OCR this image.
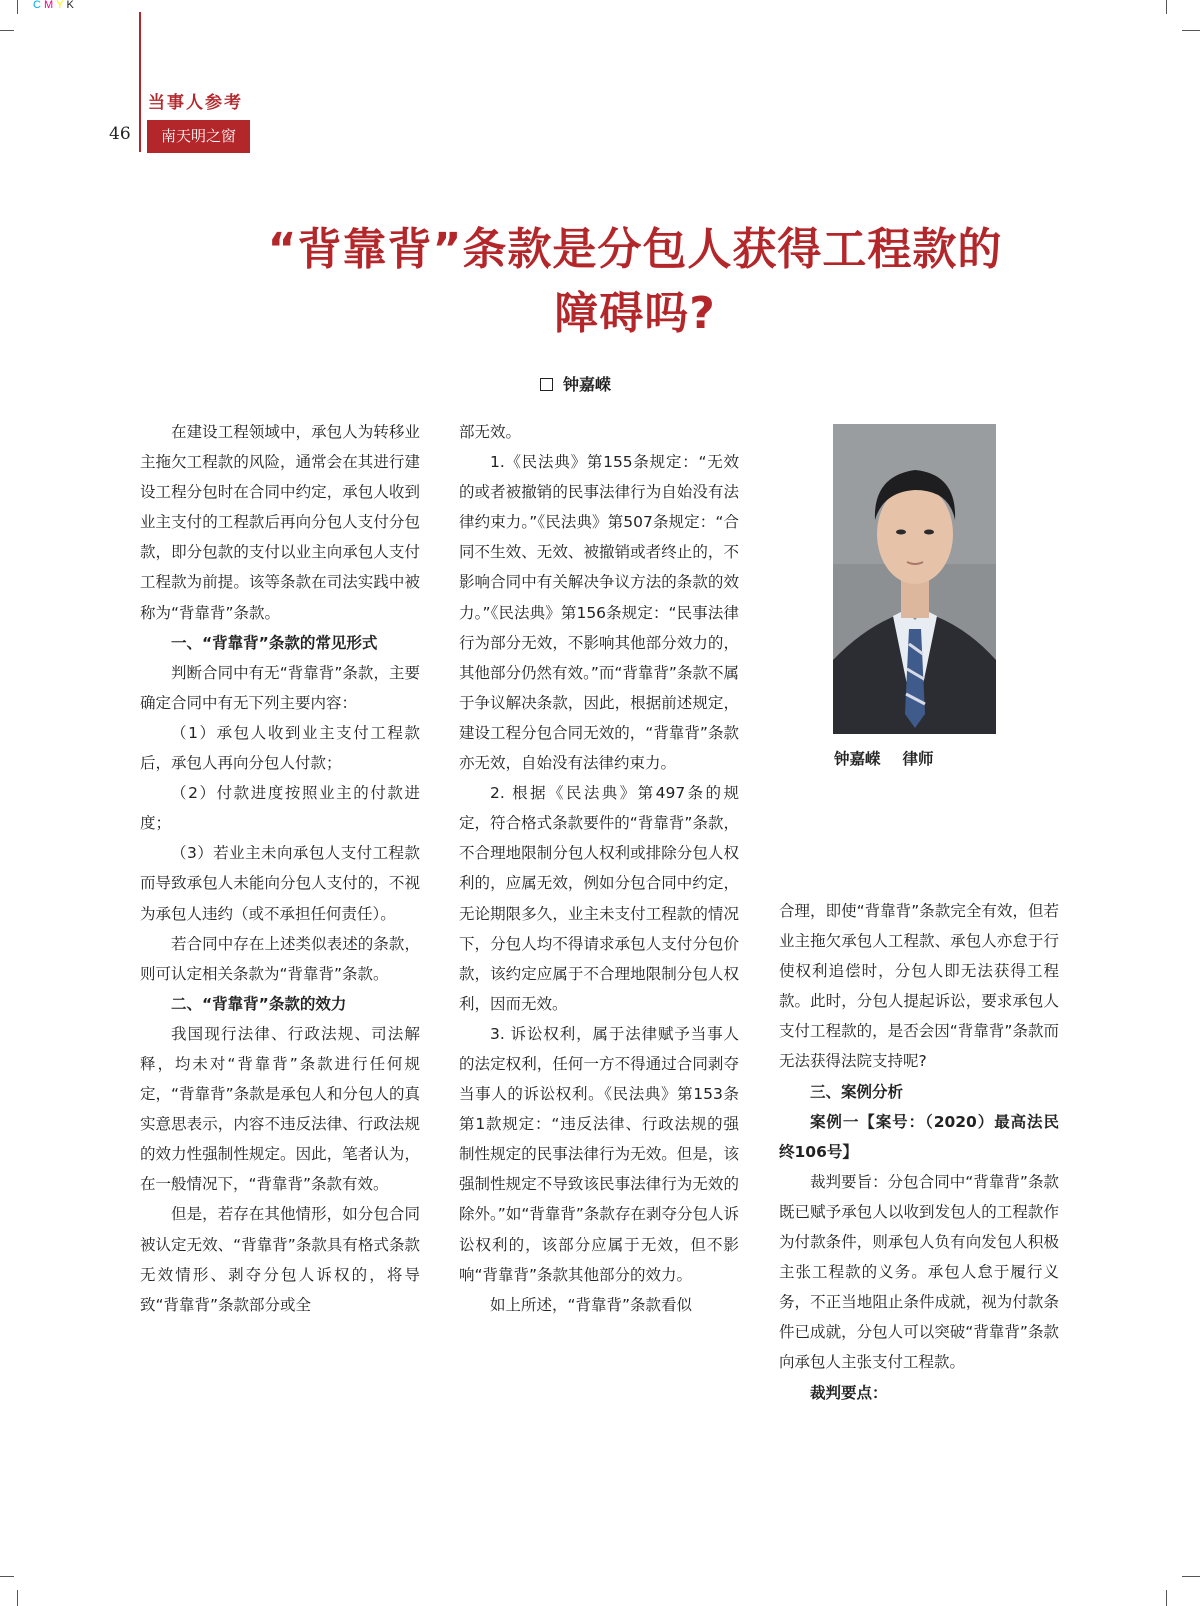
CMYK
当事人参考
46	南天明之窗
“背靠背”条款是分包人获得工程款的
障碍吗?
钟嘉嵘
钟嘉嵘 律师

在建设工程领域中，承包人为转移业主拖欠工程款的风险，通常会在其进行建设工程分包时在合同中约定，承包人收到业主支付的工程款后再向分包人支付分包款，即分包款的支付以业主向承包人支付工程款为前提。该等条款在司法实践中被称为“背靠背”条款。

一、“背靠背”条款的常见形式

判断合同中有无“背靠背”条款，主要确定合同中有无下列主要内容：

（1）承包人收到业主支付工程款后，承包人再向分包人付款；

（2）付款进度按照业主的付款进度；

（3）若业主未向承包人支付工程款而导致承包人未能向分包人支付的，不视为承包人违约（或不承担任何责任）。

若合同中存在上述类似表述的条款，则可认定相关条款为“背靠背”条款。

二、“背靠背”条款的效力

我国现行法律、行政法规、司法解释，均未对“背靠背”条款进行任何规定，“背靠背”条款是承包人和分包人的真实意思表示，内容不违反法律、行政法规的效力性强制性规定。因此，笔者认为，在一般情况下，“背靠背”条款有效。

但是，若存在其他情形，如分包合同被认定无效、“背靠背”条款具有格式条款无效情形、剥夺分包人诉权的，将导致“背靠背”条款部分或全

部无效。

1.《民法典》第155条规定：“无效的或者被撤销的民事法律行为自始没有法律约束力。”《民法典》第507条规定：“合同不生效、无效、被撤销或者终止的，不影响合同中有关解决争议方法的条款的效力。”《民法典》第156条规定：“民事法律行为部分无效，不影响其他部分效力的，其他部分仍然有效。”而“背靠背”条款不属于争议解决条款，因此，根据前述规定，建设工程分包合同无效的，“背靠背”条款亦无效，自始没有法律约束力。

2. 根据《民法典》第497条的规定，符合格式条款要件的“背靠背”条款，不合理地限制分包人权利或排除分包人权利的，应属无效，例如分包合同中约定，无论期限多久，业主未支付工程款的情况下，分包人均不得请求承包人支付分包价款，该约定应属于不合理地限制分包人权利，因而无效。

3. 诉讼权利，属于法律赋予当事人的法定权利，任何一方不得通过合同剥夺当事人的诉讼权利。《民法典》第153条第1款规定：“违反法律、行政法规的强制性规定的民事法律行为无效。但是，该强制性规定不导致该民事法律行为无效的除外。”如“背靠背”条款存在剥夺分包人诉讼权利的，该部分应属于无效，但不影响“背靠背”条款其他部分的效力。

如上所述，“背靠背”条款看似

合理，即使“背靠背”条款完全有效，但若业主拖欠承包人工程款、承包人亦怠于行使权利追偿时，分包人即无法获得工程款。此时，分包人提起诉讼，要求承包人支付工程款的，是否会因“背靠背”条款而无法获得法院支持呢?

三、案例分析

案例一【案号：（2020）最高法民终106号】

裁判要旨：分包合同中“背靠背”条款既已赋予承包人以收到发包人的工程款作为付款条件，则承包人负有向发包人积极主张工程款的义务。承包人怠于履行义务，不正当地阻止条件成就，视为付款条件已成就，分包人可以突破“背靠背”条款向承包人主张支付工程款。

裁判要点：
